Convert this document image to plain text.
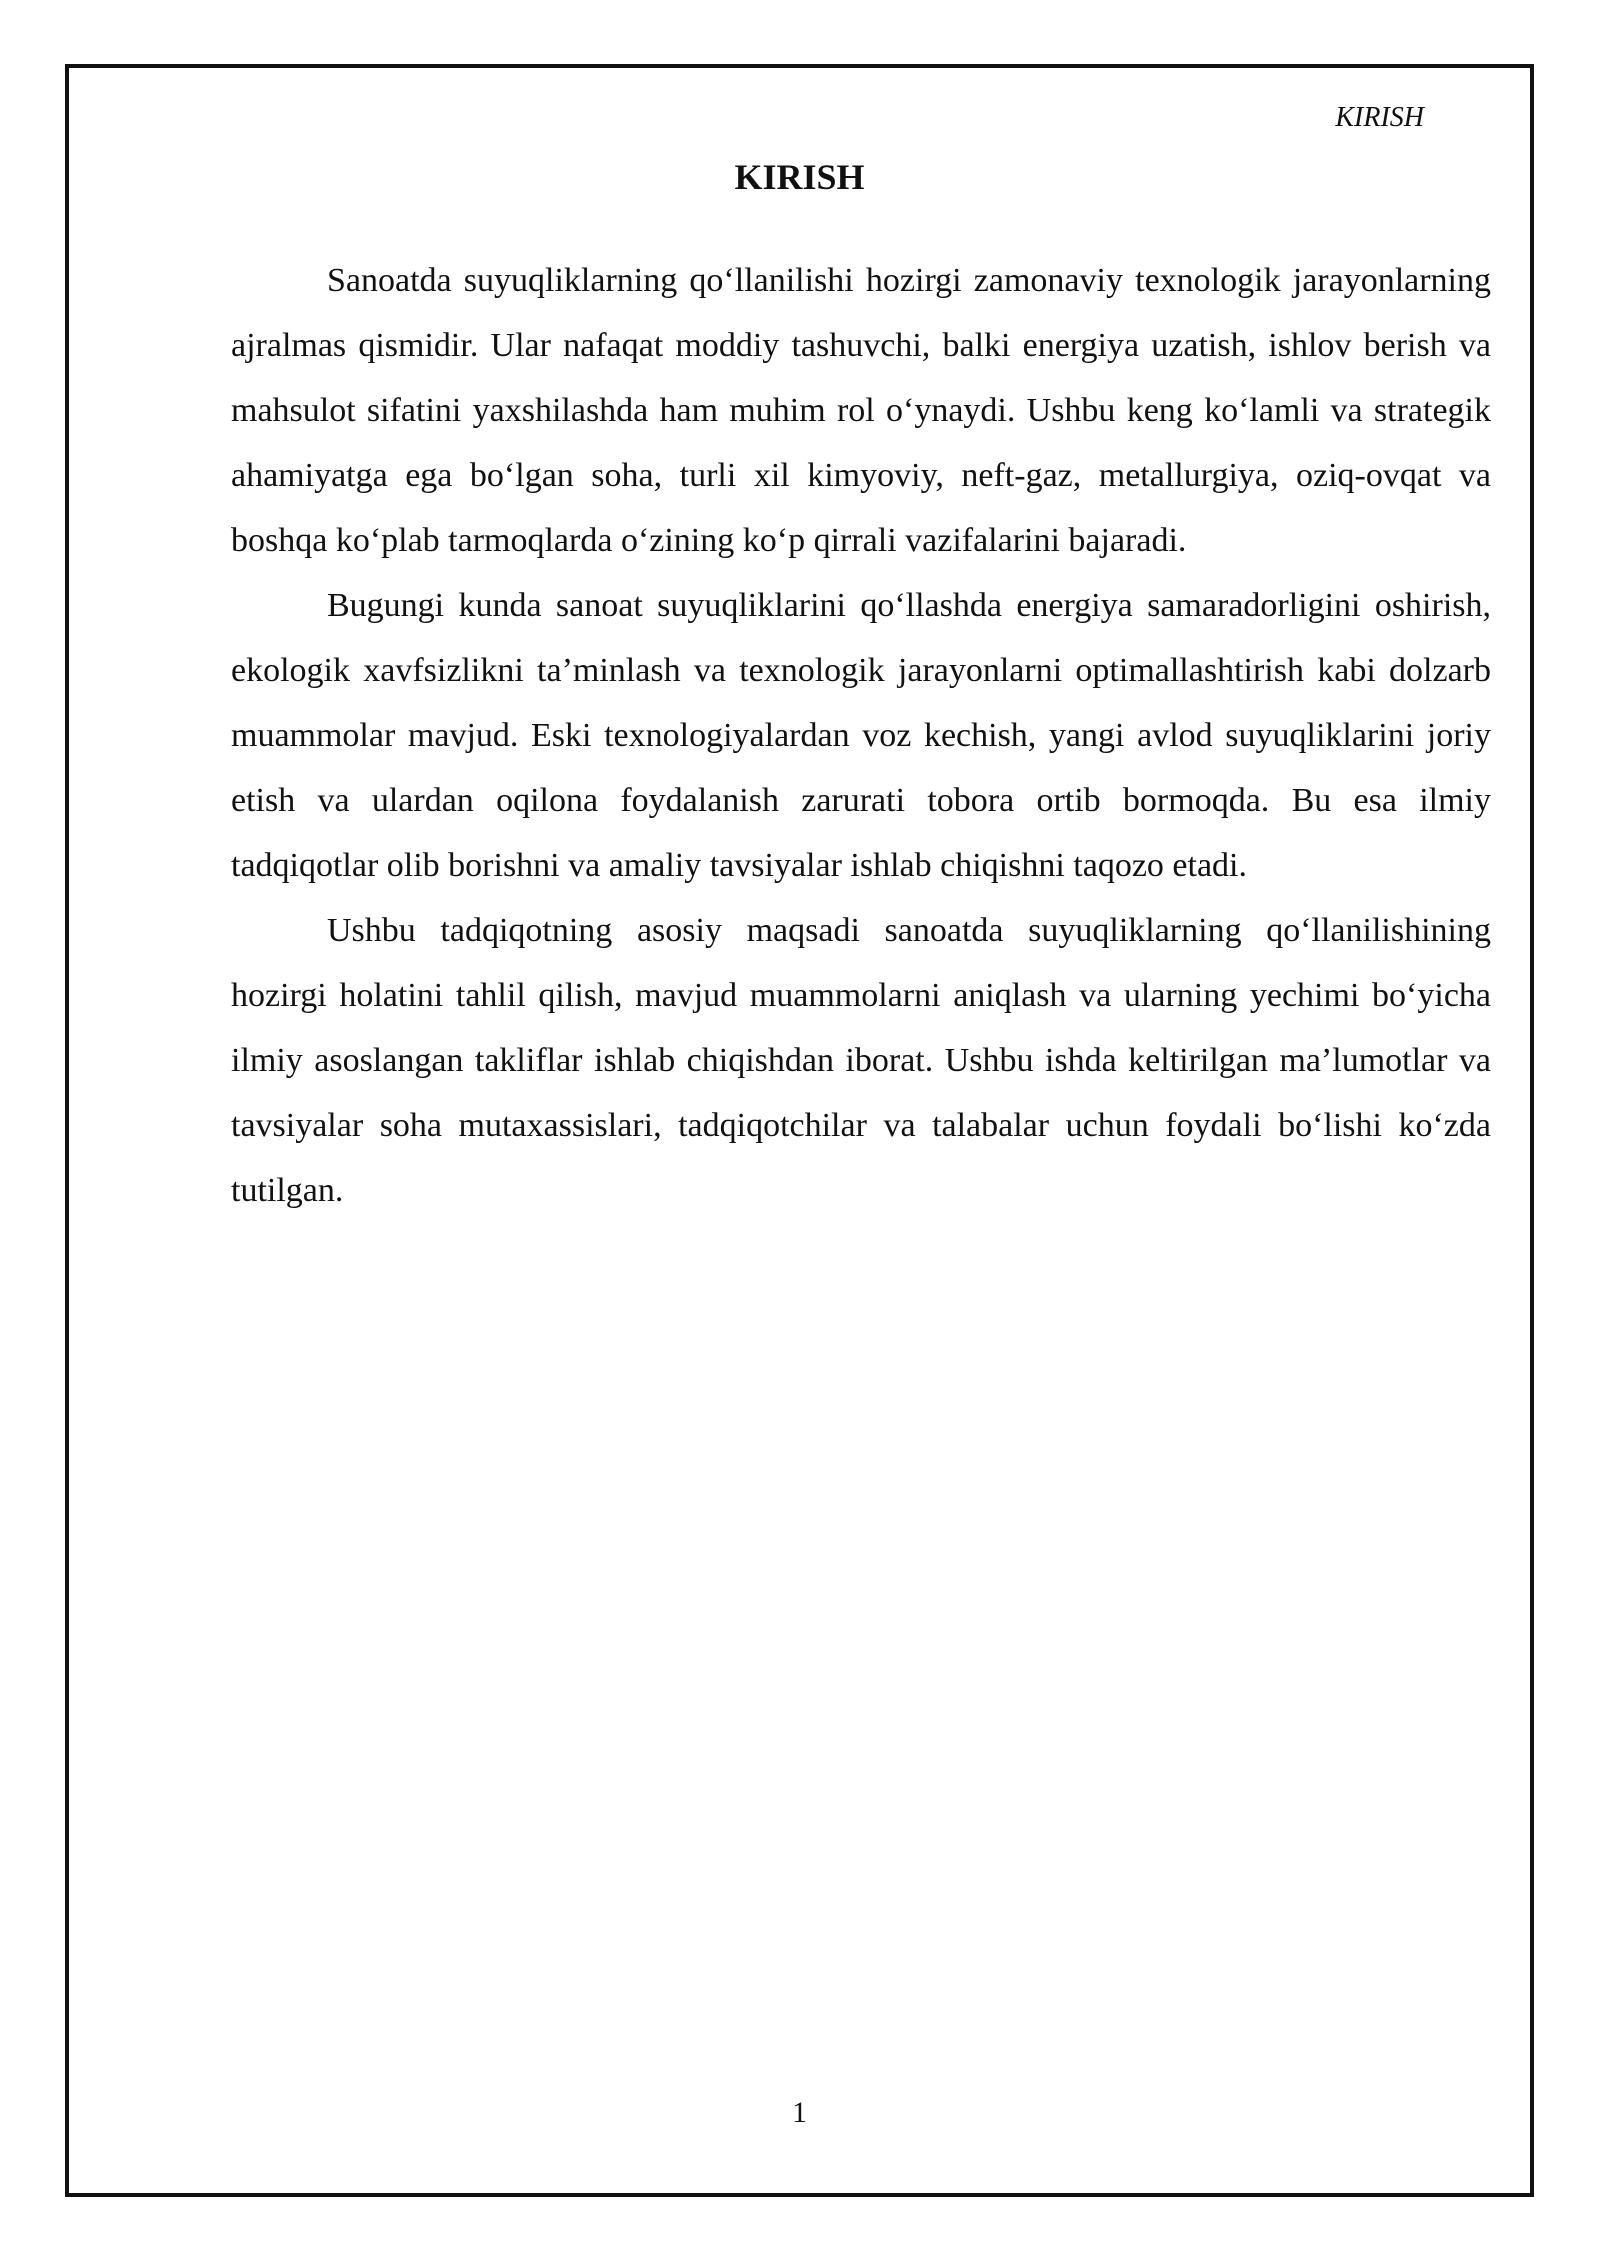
KIRISH
KIRISH

Sanoatda suyuqliklarning qo‘llanilishi hozirgi zamonaviy texnologik jarayonlarning ajralmas qismidir. Ular nafaqat moddiy tashuvchi, balki energiya uzatish, ishlov berish va mahsulot sifatini yaxshilashda ham muhim rol o‘ynaydi. Ushbu keng ko‘lamli va strategik ahamiyatga ega bo‘lgan soha, turli xil kimyoviy, neft-gaz, metallurgiya, oziq-ovqat va boshqa ko‘plab tarmoqlarda o‘zining ko‘p qirrali vazifalarini bajaradi.

Bugungi kunda sanoat suyuqliklarini qo‘llashda energiya samaradorligini oshirish, ekologik xavfsizlikni ta’minlash va texnologik jarayonlarni optimallashtirish kabi dolzarb muammolar mavjud. Eski texnologiyalardan voz kechish, yangi avlod suyuqliklarini joriy etish va ulardan oqilona foydalanish zarurati tobora ortib bormoqda. Bu esa ilmiy tadqiqotlar olib borishni va amaliy tavsiyalar ishlab chiqishni taqozo etadi.

Ushbu tadqiqotning asosiy maqsadi sanoatda suyuqliklarning qo‘llanilishining hozirgi holatini tahlil qilish, mavjud muammolarni aniqlash va ularning yechimi bo‘yicha ilmiy asoslangan takliflar ishlab chiqishdan iborat. Ushbu ishda keltirilgan ma’lumotlar va tavsiyalar soha mutaxassislari, tadqiqotchilar va talabalar uchun foydali bo‘lishi ko‘zda tutilgan.

1
